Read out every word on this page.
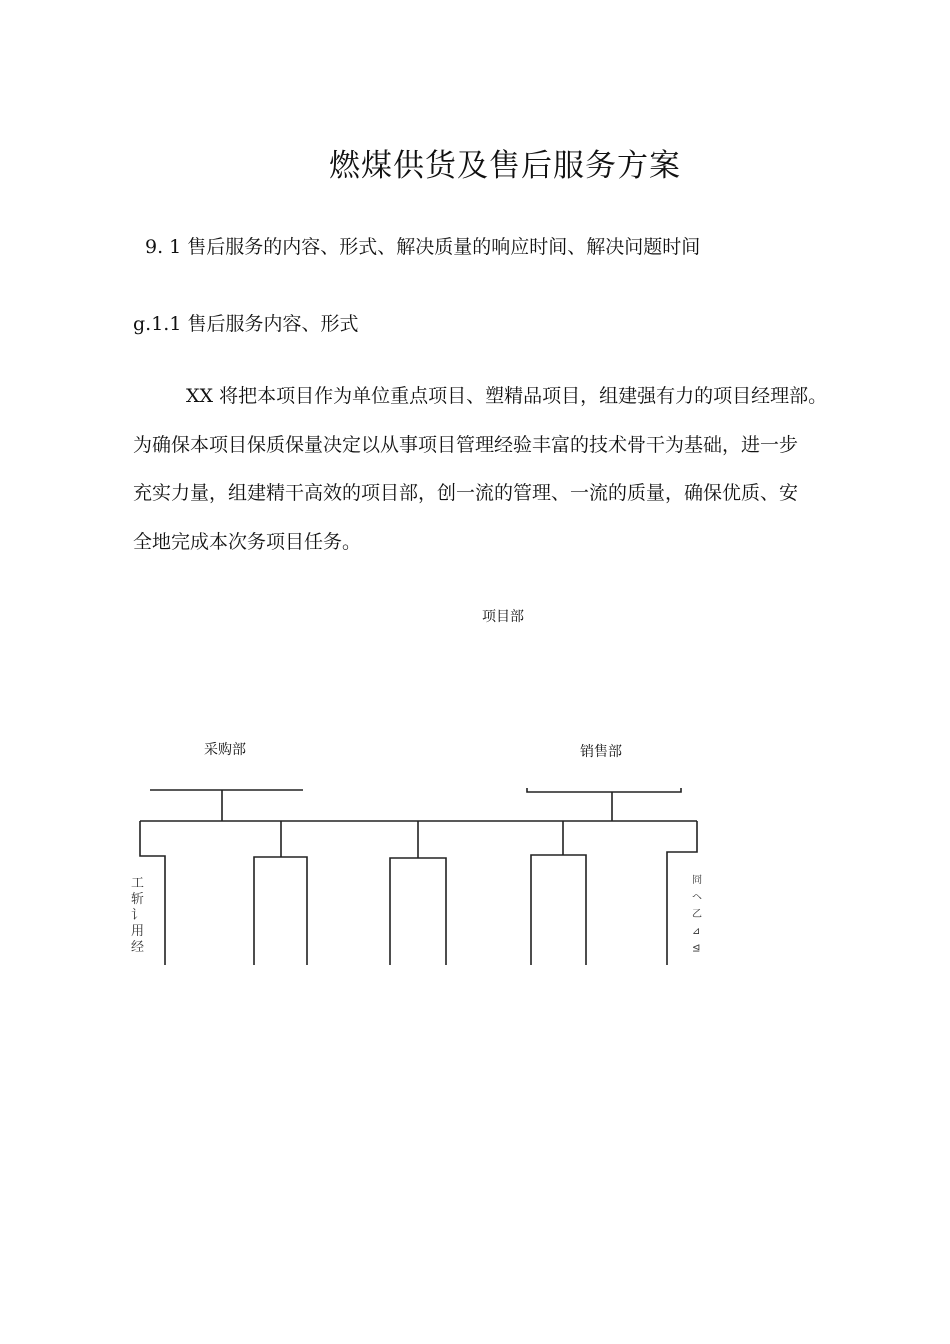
燃煤供货及售后服务方案
9. 1 售后服务的内容、形式、解决质量的响应时间、解决问题时间
g.1.1 售后服务内容、形式

XX 将把本项目作为单位重点项目、塑精品项目，组建强有力的项目经理部。

为确保本项目保质保量决定以从事项目管理经验丰富的技术骨干为基础，进一步

充实力量，组建精干高效的项目部，创一流的管理、一流的质量，确保优质、安

全地完成本次务项目任务。

项目部
采购部	销售部
工
斩
讠
用
经
冏
ヘ
乙
⊿
⊴
